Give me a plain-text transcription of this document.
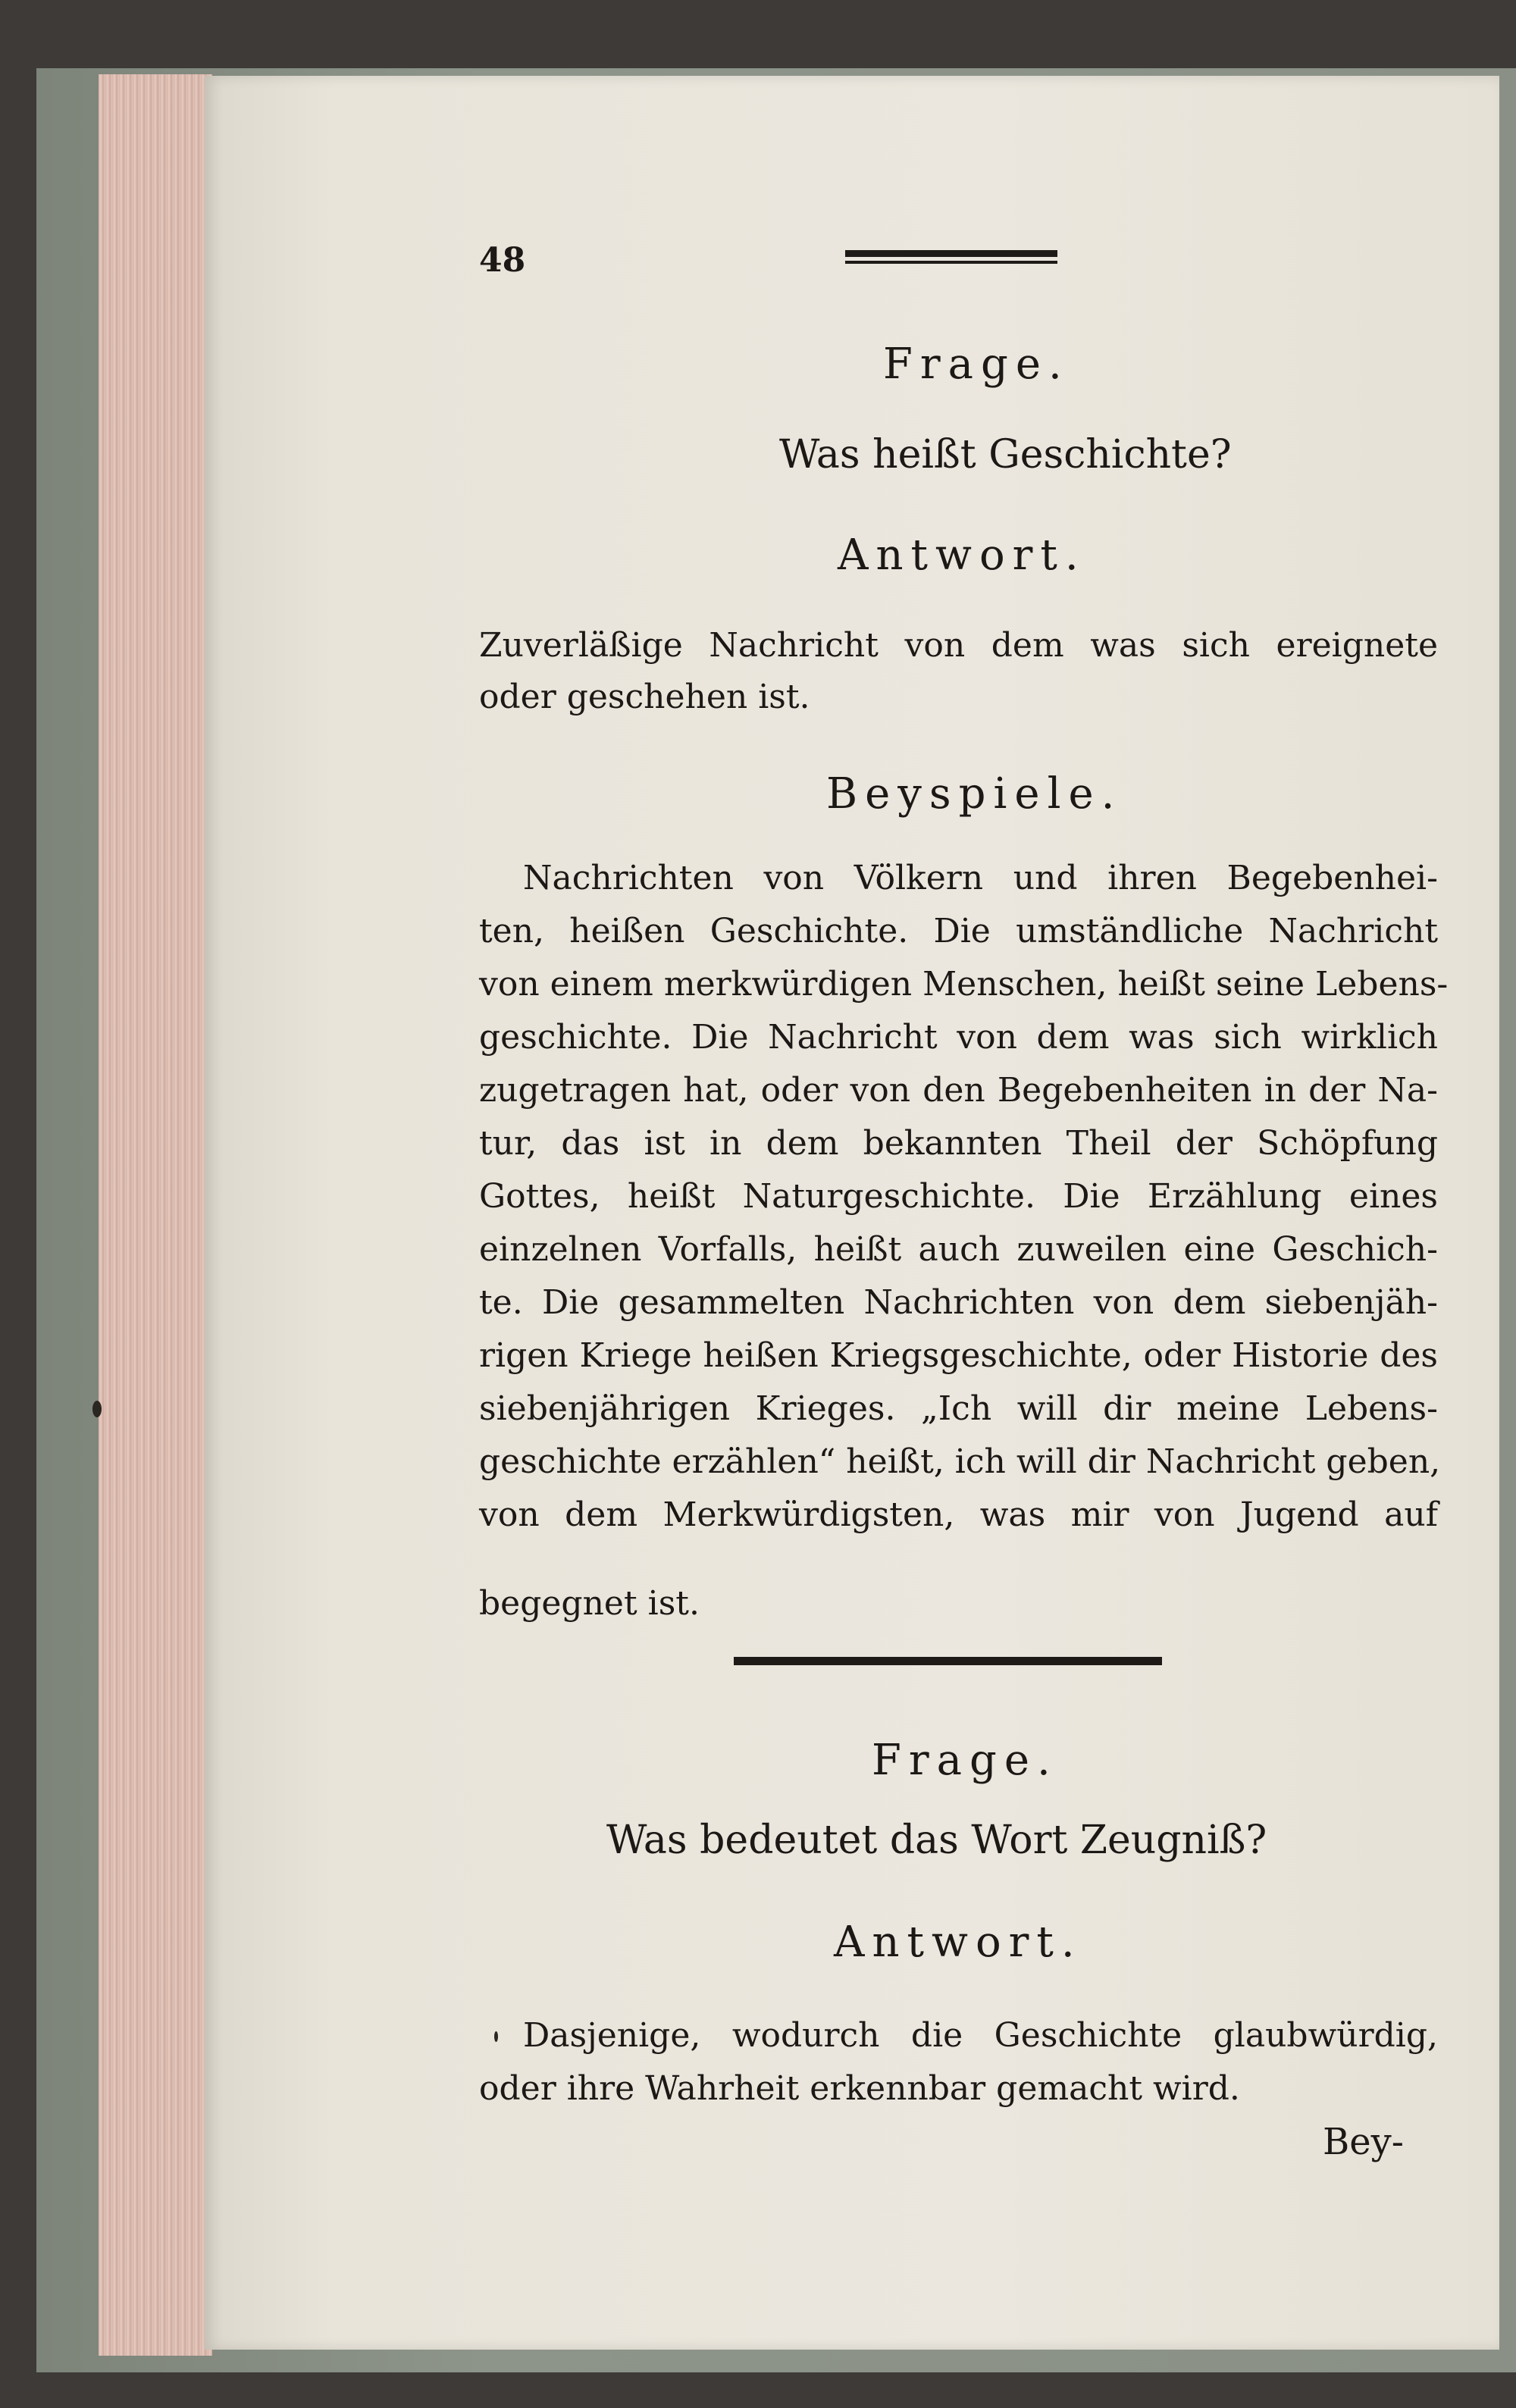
48
Frage.
Was heißt Geschichte?
Antwort.
Zuverläßige Nachricht von dem was sich ereignete
oder geschehen ist.
Beyspiele.
Nachrichten von Völkern und ihren Begebenhei-
ten, heißen Geschichte. Die umständliche Nachricht
von einem merkwürdigen Menschen, heißt seine Lebens-
geschichte. Die Nachricht von dem was sich wirklich
zugetragen hat, oder von den Begebenheiten in der Na-
tur, das ist in dem bekannten Theil der Schöpfung
Gottes, heißt Naturgeschichte. Die Erzählung eines
einzelnen Vorfalls, heißt auch zuweilen eine Geschich-
te. Die gesammelten Nachrichten von dem siebenjäh-
rigen Kriege heißen Kriegsgeschichte, oder Historie des
siebenjährigen Krieges. „Ich will dir meine Lebens-
geschichte erzählen“ heißt, ich will dir Nachricht geben,
von dem Merkwürdigsten, was mir von Jugend auf
begegnet ist.
Frage.
Was bedeutet das Wort Zeugniß?
Antwort.
Dasjenige, wodurch die Geschichte glaubwürdig,
oder ihre Wahrheit erkennbar gemacht wird.
Bey-
